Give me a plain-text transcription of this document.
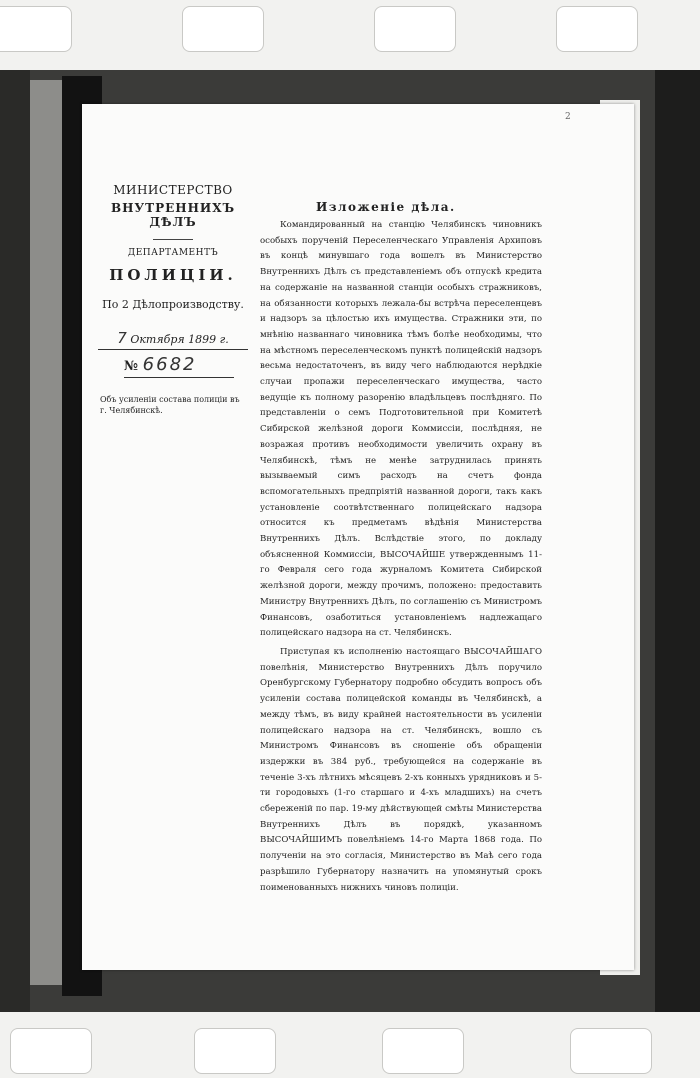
2
МИНИСТЕРСТВО
ВНУТРЕННИХЪ ДѢЛЪ
ДЕПАРТАМЕНТЪ
ПОЛИЦІИ.
По 2 Дѣлопроизводству.
7 Октября 1899 г.
№ 6682
Объ усиленіи состава полиціи въ г. Челябинскѣ.
Изложеніе дѣла.

Командированный на станцію Челябинскъ чиновникъ особыхъ порученій Переселенческаго Управленія Архиповъ въ концѣ минувшаго года вошелъ въ Министерство Внутреннихъ Дѣлъ съ представленіемъ объ отпускѣ кредита на содержаніе на названной станціи особыхъ стражниковъ, на обязанности которыхъ лежала-бы встрѣча переселенцевъ и надзоръ за цѣлостью ихъ имущества. Стражники эти, по мнѣнію названнаго чиновника тѣмъ болѣе необходимы, что на мѣстномъ переселенческомъ пунктѣ полицейскій надзоръ весьма недостаточенъ, въ виду чего наблюдаются нерѣдкіе случаи пропажи переселенческаго имущества, часто ведущіе къ полному разоренію владѣльцевъ послѣдняго. По представленіи о семъ Подготовительной при Комитетѣ Сибирской желѣзной дороги Коммиссіи, послѣдняя, не возражая противъ необходимости увеличить охрану въ Челябинскѣ, тѣмъ не менѣе затруднилась принять вызываемый симъ расходъ на счетъ фонда вспомогательныхъ предпріятій названной дороги, такъ какъ установленіе соотвѣтственнаго полицейскаго надзора относится къ предметамъ вѣдѣнія Министерства Внутреннихъ Дѣлъ. Вслѣдствіе этого, по докладу объясненной Коммиссіи, ВЫСОЧАЙШЕ утвержденнымъ 11-го Февраля сего года журналомъ Комитета Сибирской желѣзной дороги, между прочимъ, положено: предоставить Министру Внутреннихъ Дѣлъ, по соглашенію съ Министромъ Финансовъ, озаботиться установленіемъ надлежащаго полицейскаго надзора на ст. Челябинскъ.

Приступая къ исполненію настоящаго ВЫСОЧАЙШАГО повелѣнія, Министерство Внутреннихъ Дѣлъ поручило Оренбургскому Губернатору подробно обсудить вопросъ объ усиленіи состава полицейской команды въ Челябинскѣ, а между тѣмъ, въ виду крайней настоятельности въ усиленіи полицейскаго надзора на ст. Челябинскъ, вошло съ Министромъ Финансовъ въ сношеніе объ обращеніи издержки въ 384 руб., требующейся на содержаніе въ теченіе 3-хъ лѣтнихъ мѣсяцевъ 2-хъ конныхъ урядниковъ и 5-ти городовыхъ (1-го старшаго и 4-хъ младшихъ) на счетъ сбереженій по пар. 19-му дѣйствующей смѣты Министерства Внутреннихъ Дѣлъ въ порядкѣ, указанномъ ВЫСОЧАЙШИМЪ повелѣніемъ 14-го Марта 1868 года. По полученіи на это согласія, Министерство въ Маѣ сего года разрѣшило Губернатору назначить на упомянутый срокъ поименованныхъ нижнихъ чиновъ полиціи.
